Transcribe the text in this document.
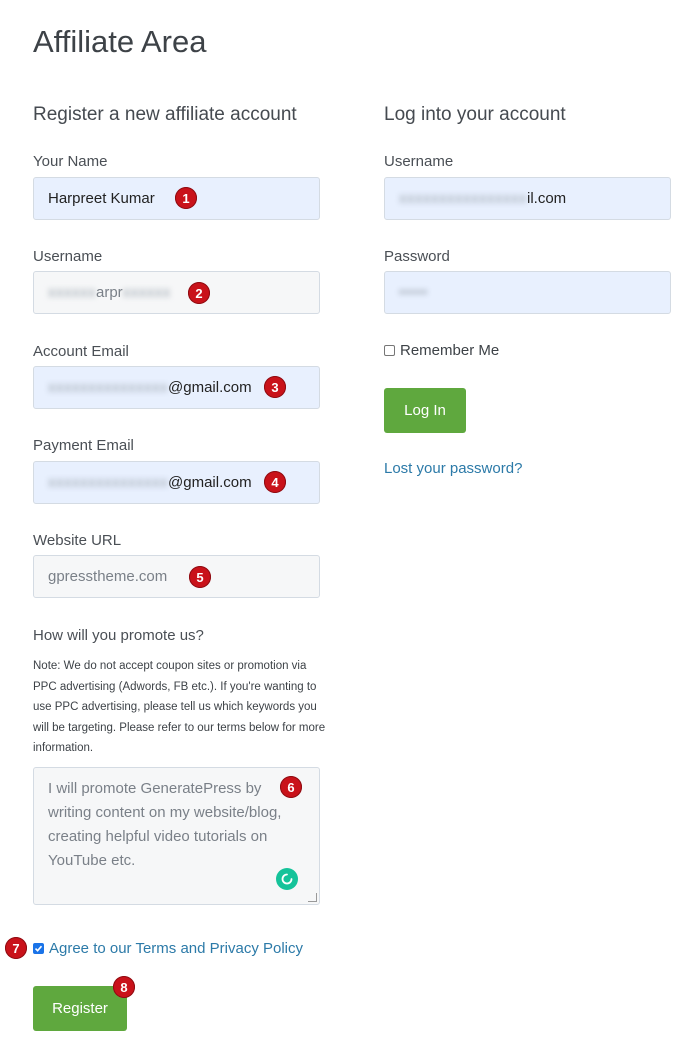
Affiliate Area
Register a new affiliate account
Your Name
Harpreet Kumar	1
Username
xxxxxx arpr xxxxxx	2
Account Email
xxxxxxxxxxxxxxx @gmail.com	3
Payment Email
xxxxxxxxxxxxxxx @gmail.com	4
Website URL
gpresstheme.com	5
How will you promote us?
Note: We do not accept coupon sites or promotion via PPC advertising (Adwords, FB etc.). If you're wanting to use PPC advertising, please tell us which keywords you will be targeting. Please refer to our terms below for more information.
I will promote GeneratePress by writing content on my website/blog, creating helpful video tutorials on YouTube etc.
6
7	Agree to our Terms and Privacy Policy
Register
8
Log into your account
Username
xxxxxxxxxxxxxxxx il.com
Password
•••••
Remember Me
Log In
Lost your password?
